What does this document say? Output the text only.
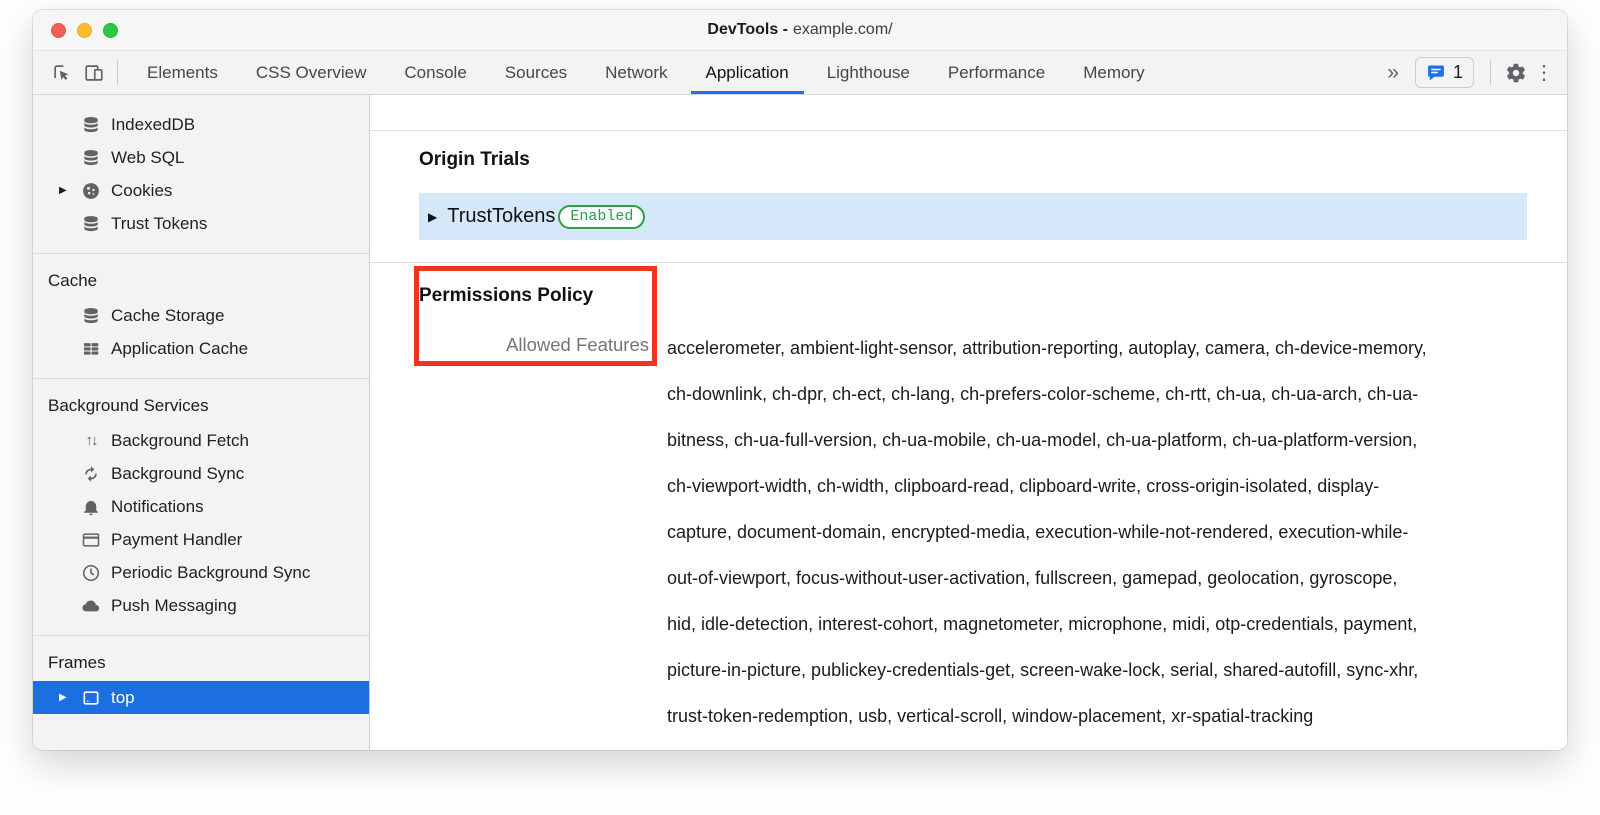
DevTools - example.com/
Elements	CSS Overview	Console	Sources	Network	Application	Lighthouse	Performance	Memory	»	1	⋮
IndexedDB
Web SQL
▶	Cookies
Trust Tokens
Cache
Cache Storage
Application Cache
Background Services
↑↓ Background Fetch
Background Sync
Notifications
Payment Handler
Periodic Background Sync
Push Messaging
Frames
▶	top
Origin Trials
▶ TrustTokens	Enabled
Permissions Policy
Allowed Features accelerometer, ambient-light-sensor, attribution-reporting, autoplay, camera, ch-device-memory,
ch-downlink, ch-dpr, ch-ect, ch-lang, ch-prefers-color-scheme, ch-rtt, ch-ua, ch-ua-arch, ch-ua-
bitness, ch-ua-full-version, ch-ua-mobile, ch-ua-model, ch-ua-platform, ch-ua-platform-version,
ch-viewport-width, ch-width, clipboard-read, clipboard-write, cross-origin-isolated, display-
capture, document-domain, encrypted-media, execution-while-not-rendered, execution-while-
out-of-viewport, focus-without-user-activation, fullscreen, gamepad, geolocation, gyroscope,
hid, idle-detection, interest-cohort, magnetometer, microphone, midi, otp-credentials, payment,
picture-in-picture, publickey-credentials-get, screen-wake-lock, serial, shared-autofill, sync-xhr,
trust-token-redemption, usb, vertical-scroll, window-placement, xr-spatial-tracking
